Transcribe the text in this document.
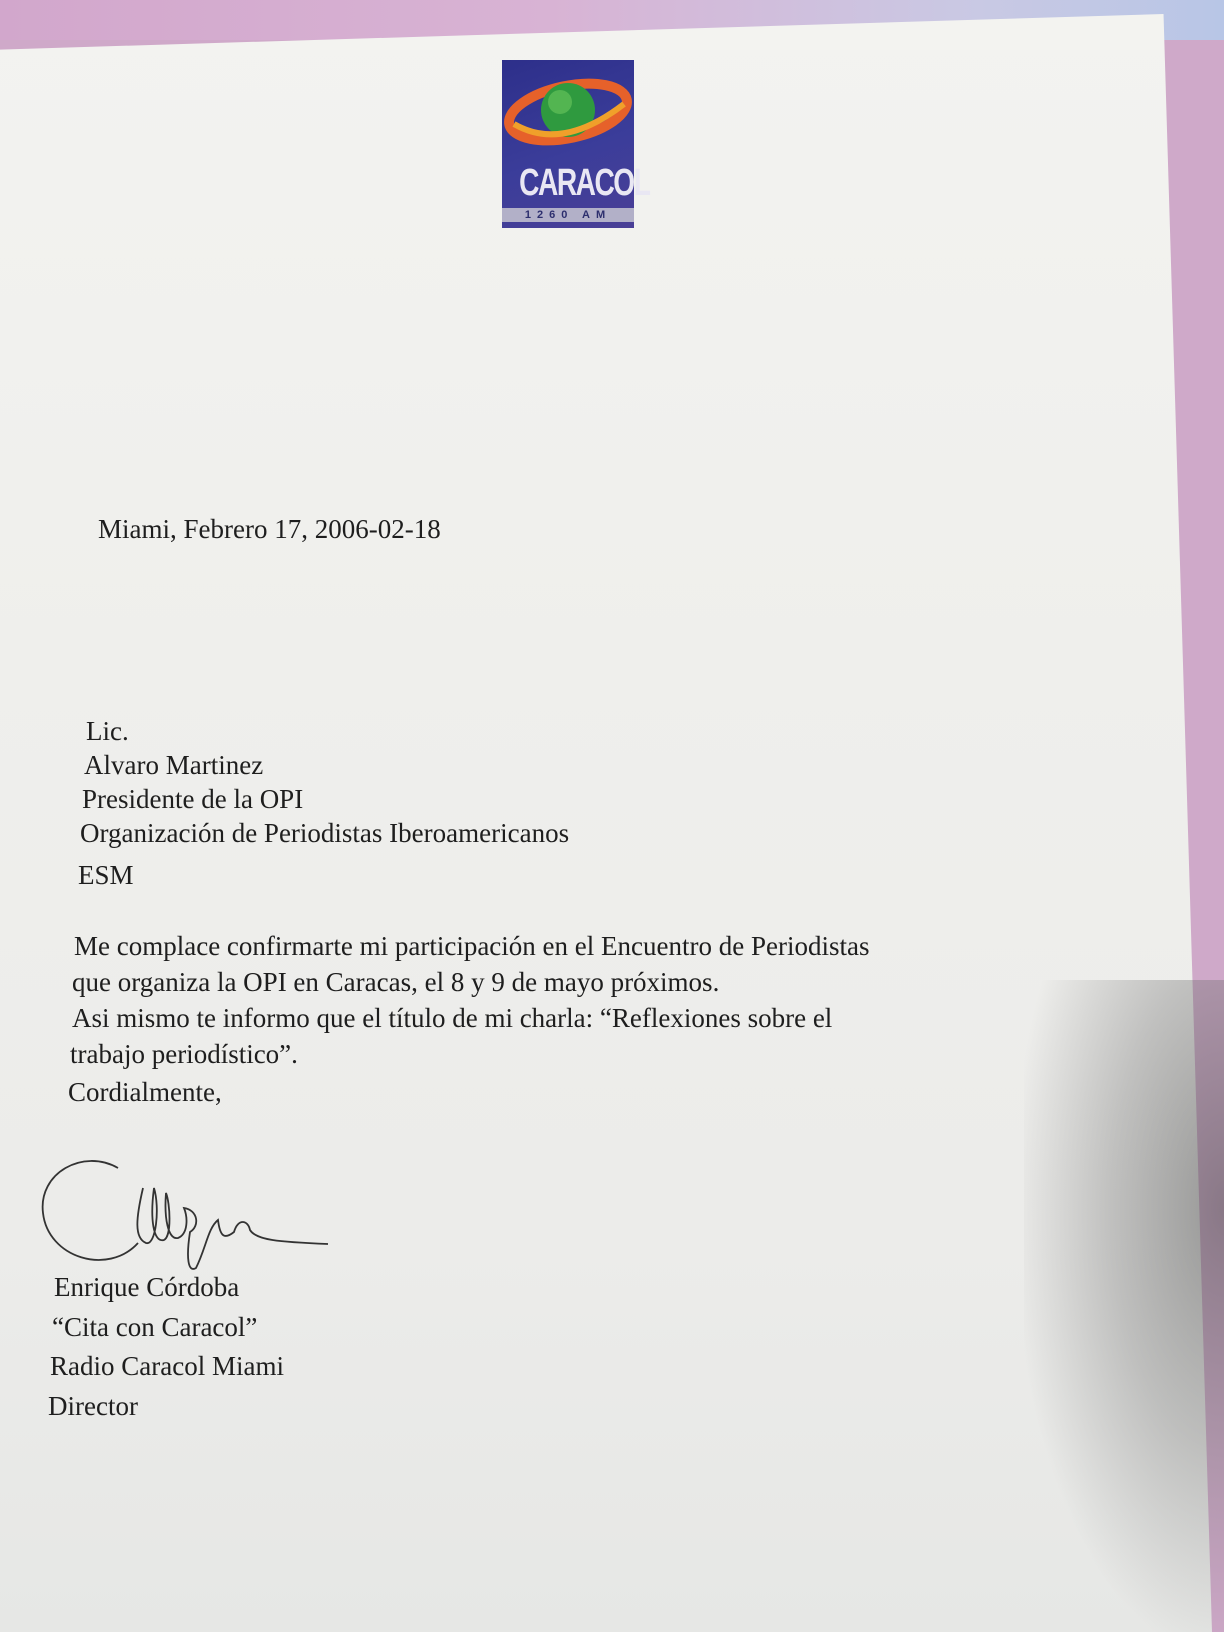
CARACOL
1260 AM

Miami, Febrero 17, 2006-02-18

Lic.

Alvaro Martinez

Presidente de la OPI

Organización de Periodistas Iberoamericanos

ESM

Me complace confirmarte mi participación en el Encuentro de Periodistas

que organiza la OPI en Caracas, el 8 y 9 de mayo próximos.

Asi mismo te informo que el título de mi charla: “Reflexiones sobre el

trabajo periodístico”.

Cordialmente,

Enrique Córdoba

“Cita con Caracol”

Radio Caracol Miami

Director
